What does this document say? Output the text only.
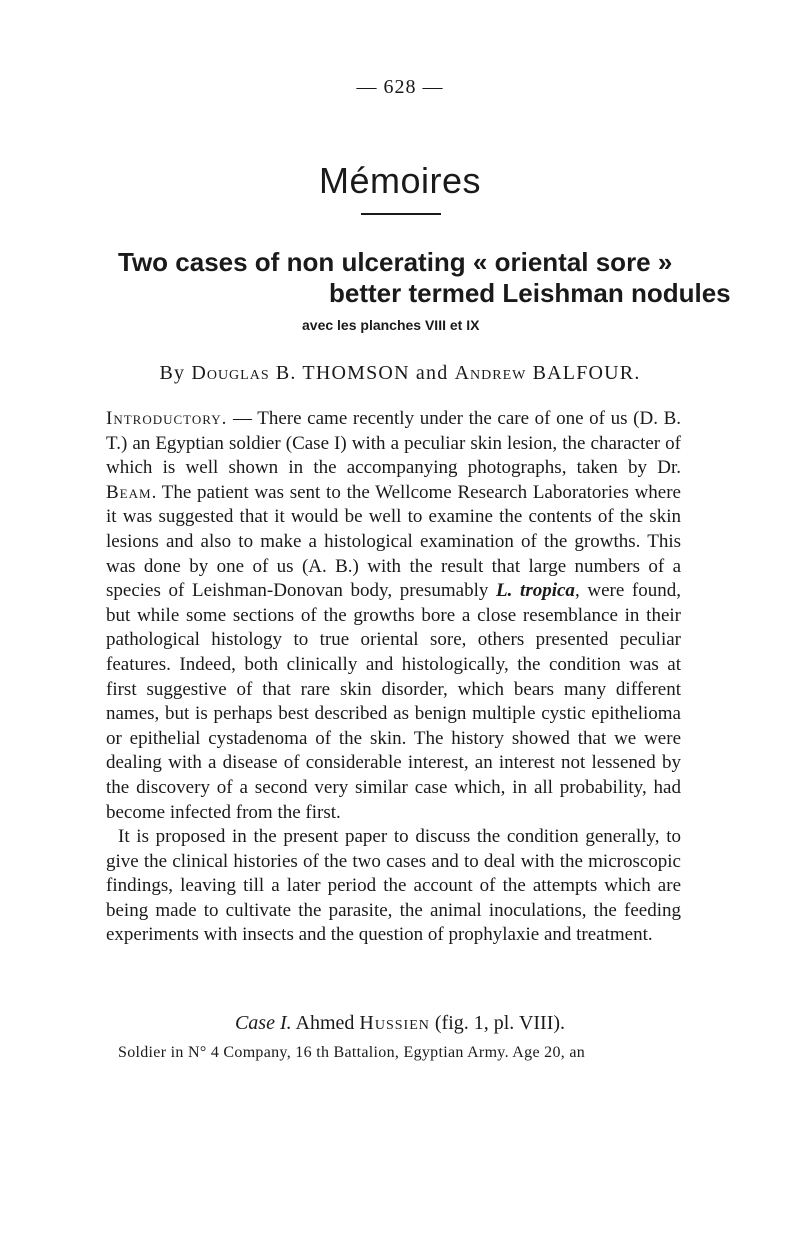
— 628 —
Mémoires
Two cases of non ulcerating « oriental sore »
better termed Leishman nodules
avec les planches VIII et IX
By Douglas B. THOMSON and Andrew BALFOUR.

Introductory. — There came recently under the care of one of us (D. B. T.) an Egyptian soldier (Case I) with a peculiar skin lesion, the character of which is well shown in the accompanying photographs, taken by Dr. Beam. The patient was sent to the Wellcome Research Laboratories where it was suggested that it would be well to examine the contents of the skin lesions and also to make a histological examination of the growths. This was done by one of us (A. B.) with the result that large numbers of a species of Leishman-Donovan body, presumably L. tropica, were found, but while some sections of the growths bore a close resemblance in their pathological histology to true oriental sore, others presented peculiar features. Indeed, both clinically and histologically, the condition was at first suggestive of that rare skin disorder, which bears many different names, but is perhaps best described as benign multiple cystic epithelioma or epithelial cystadenoma of the skin. The history showed that we were dealing with a disease of considerable interest, an interest not lessened by the discovery of a second very similar case which, in all probability, had become infected from the first.

It is proposed in the present paper to discuss the condition generally, to give the clinical histories of the two cases and to deal with the microscopic findings, leaving till a later period the account of the attempts which are being made to cultivate the parasite, the animal inoculations, the feeding experiments with insects and the question of prophylaxie and treatment.

Case I. Ahmed Hussien (fig. 1, pl. VIII).
Soldier in N° 4 Company, 16 th Battalion, Egyptian Army. Age 20, an
